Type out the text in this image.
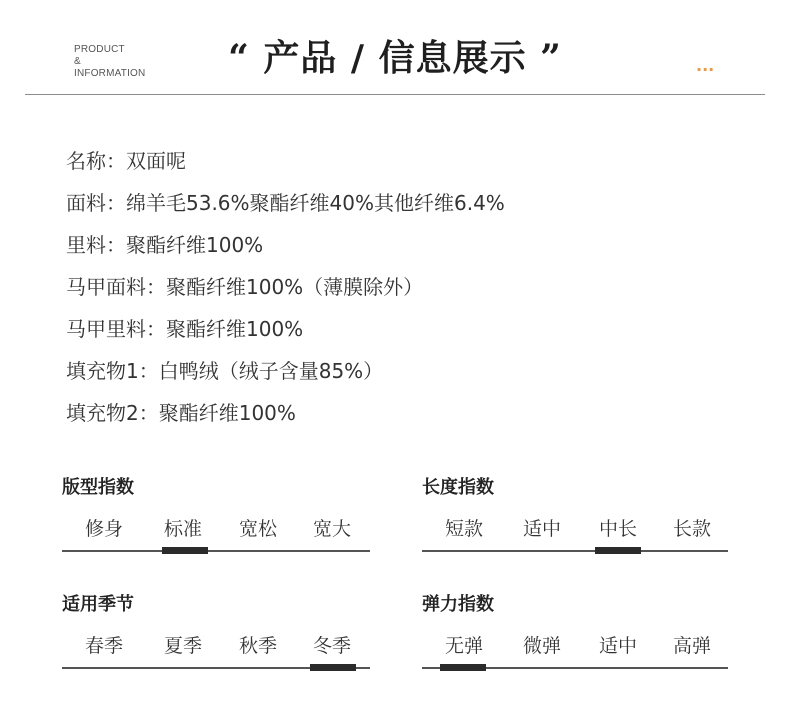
PRODUCT
&
INFORMATION	“ 产品 / 信息展示 ”	···
名称：双面呢
面料：绵羊毛53.6%聚酯纤维40%其他纤维6.4%
里料：聚酯纤维100%
马甲面料：聚酯纤维100%（薄膜除外）
马甲里料：聚酯纤维100%
填充物1：白鸭绒（绒子含量85%）
填充物2：聚酯纤维100%
版型指数
修身	标准	宽松	宽大
长度指数
短款	适中	中长	长款
适用季节
春季	夏季	秋季	冬季
弹力指数
无弹	微弹	适中	高弹
